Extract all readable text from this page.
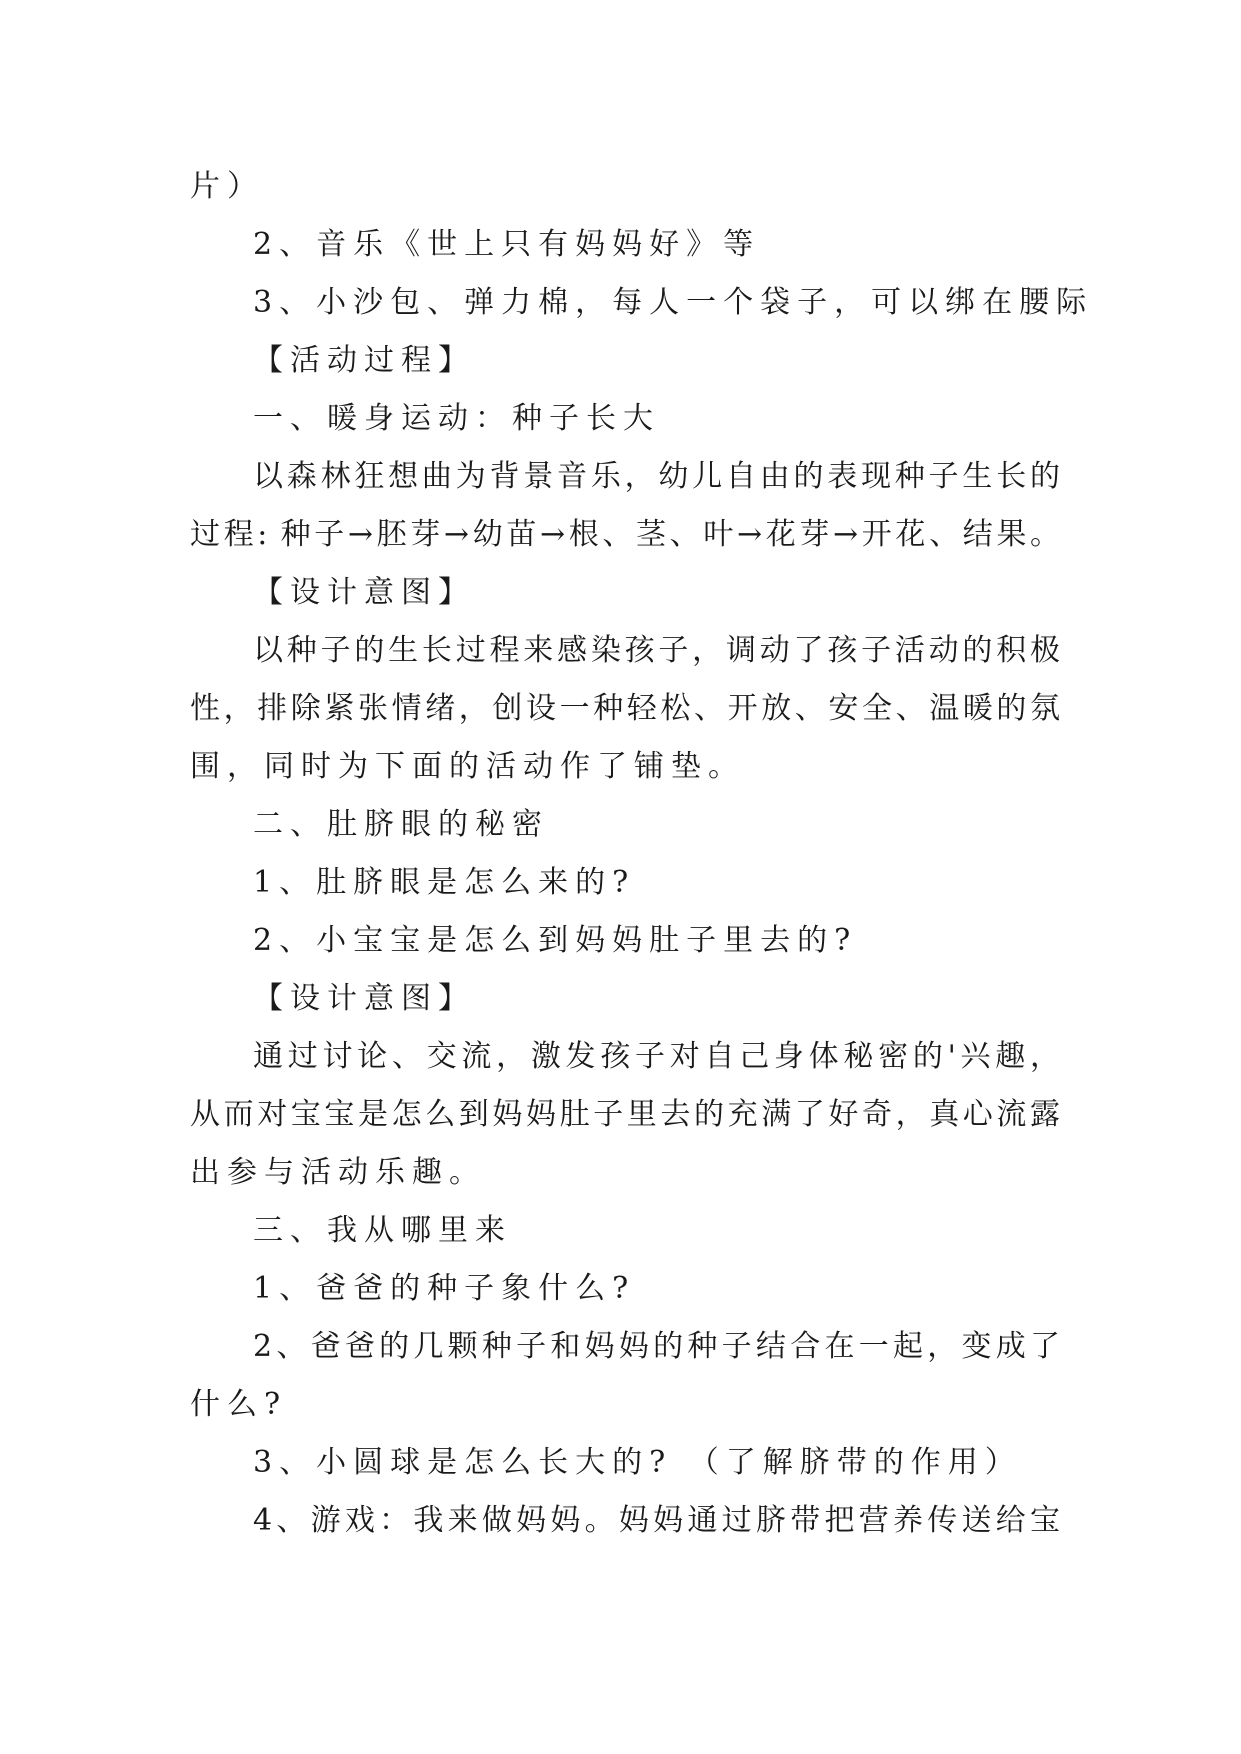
片）
2、音乐《世上只有妈妈好》等
3、小沙包、弹力棉，每人一个袋子，可以绑在腰际
【活动过程】
一、暖身运动：种子长大
以森林狂想曲为背景音乐，幼儿自由的表现种子生长的
过程: 种子→胚芽→幼苗→根、茎、叶→花芽→开花、结果。
【设计意图】
以种子的生长过程来感染孩子，调动了孩子活动的积极
性，排除紧张情绪，创设一种轻松、开放、安全、温暖的氛
围，同时为下面的活动作了铺垫。
二、肚脐眼的秘密
1、肚脐眼是怎么来的?
2、小宝宝是怎么到妈妈肚子里去的?
【设计意图】
通过讨论、交流，激发孩子对自己身体秘密的'兴趣，
从而对宝宝是怎么到妈妈肚子里去的充满了好奇，真心流露
出参与活动乐趣。
三、我从哪里来
1、爸爸的种子象什么?
2、爸爸的几颗种子和妈妈的种子结合在一起，变成了
什么?
3、小圆球是怎么长大的? （了解脐带的作用）
4、游戏：我来做妈妈。妈妈通过脐带把营养传送给宝
